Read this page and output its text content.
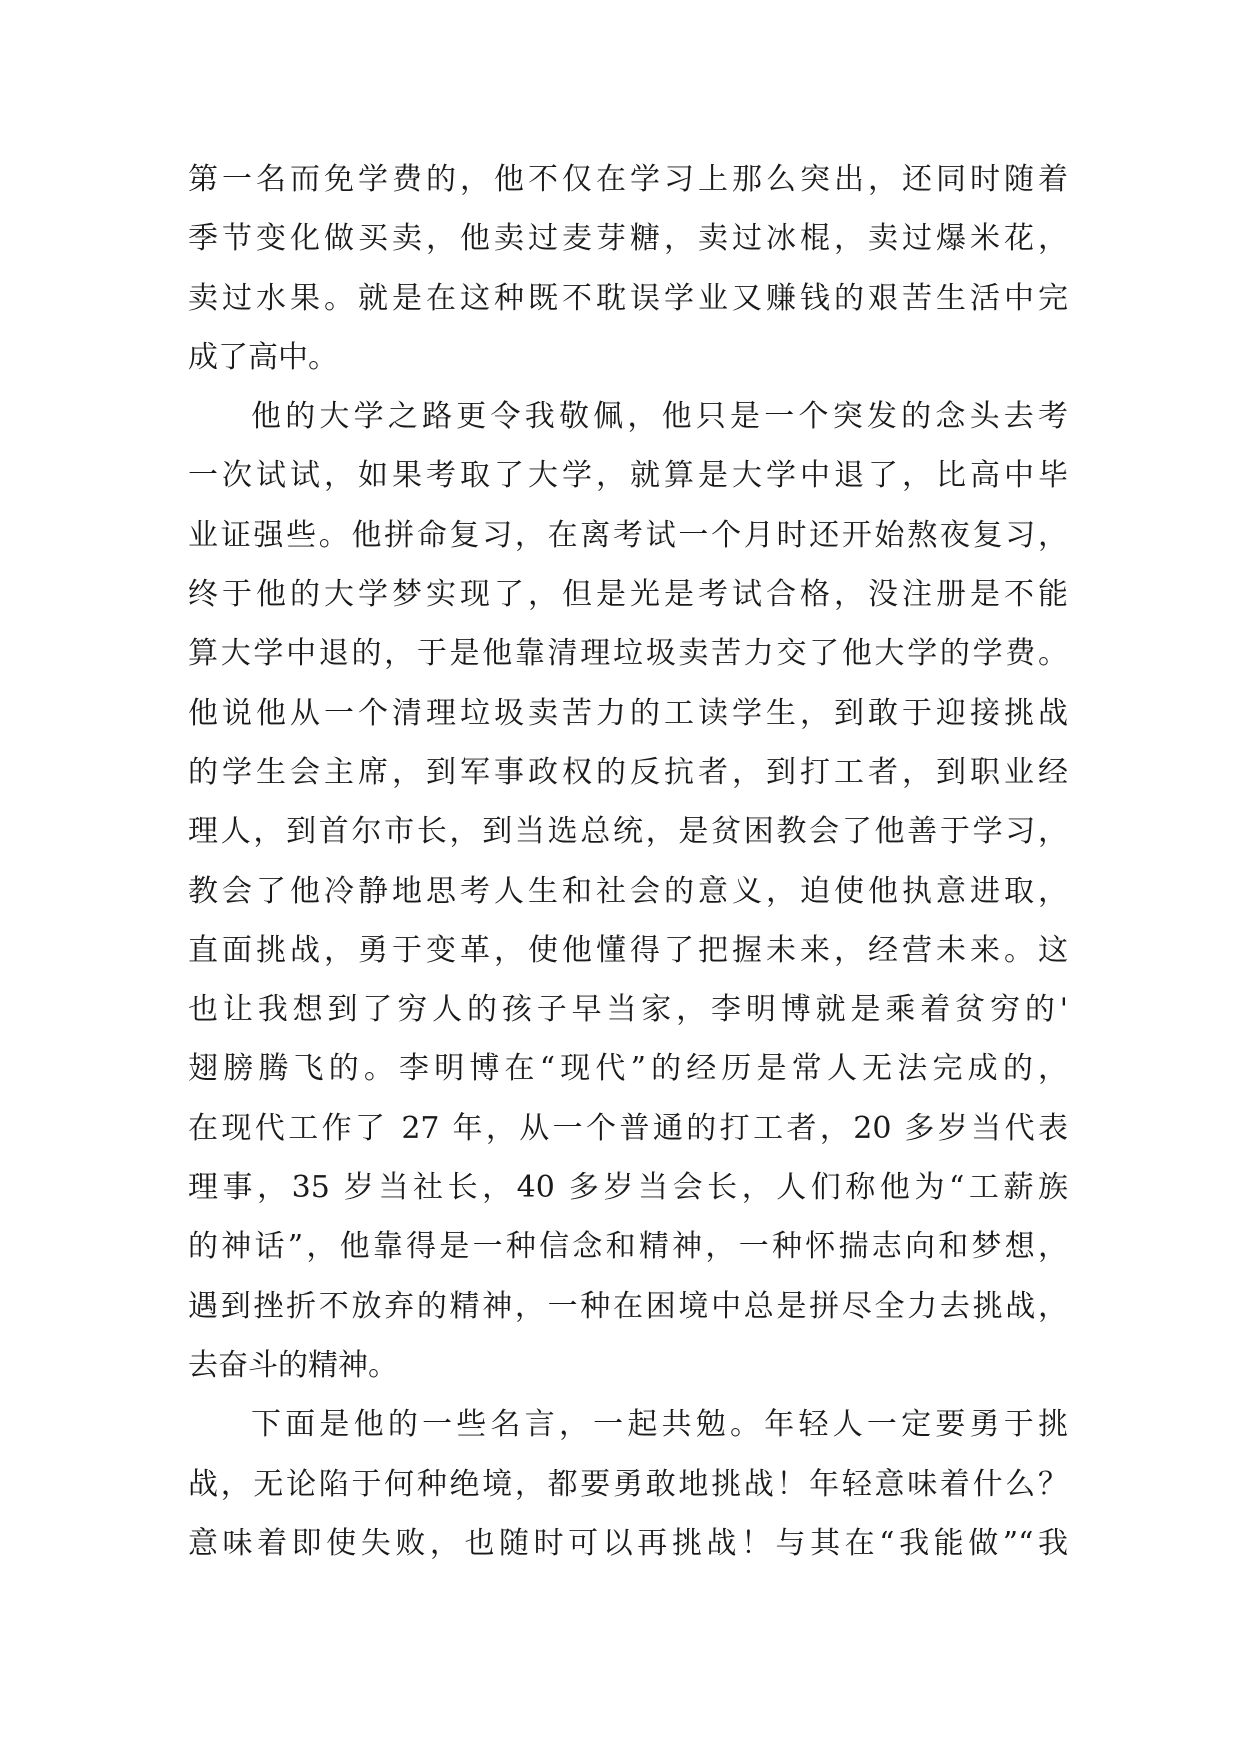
第一名而免学费的，他不仅在学习上那么突出，还同时随着
季节变化做买卖，他卖过麦芽糖，卖过冰棍，卖过爆米花，
卖过水果。就是在这种既不耽误学业又赚钱的艰苦生活中完
成了高中。
他的大学之路更令我敬佩，他只是一个突发的念头去考
一次试试，如果考取了大学，就算是大学中退了，比高中毕
业证强些。他拼命复习，在离考试一个月时还开始熬夜复习，
终于他的大学梦实现了，但是光是考试合格，没注册是不能
算大学中退的，于是他靠清理垃圾卖苦力交了他大学的学费。
他说他从一个清理垃圾卖苦力的工读学生，到敢于迎接挑战
的学生会主席，到军事政权的反抗者，到打工者，到职业经
理人，到首尔市长，到当选总统，是贫困教会了他善于学习，
教会了他冷静地思考人生和社会的意义，迫使他执意进取，
直面挑战，勇于变革，使他懂得了把握未来，经营未来。这
也让我想到了穷人的孩子早当家，李明博就是乘着贫穷的'
翅膀腾飞的。李明博在“现代”的经历是常人无法完成的，
在现代工作了 27 年，从一个普通的打工者，20 多岁当代表
理事，35 岁当社长，40 多岁当会长，人们称他为“工薪族
的神话”，他靠得是一种信念和精神，一种怀揣志向和梦想，
遇到挫折不放弃的精神，一种在困境中总是拼尽全力去挑战，
去奋斗的精神。
下面是他的一些名言，一起共勉。年轻人一定要勇于挑
战，无论陷于何种绝境，都要勇敢地挑战！年轻意味着什么？
意味着即使失败，也随时可以再挑战！与其在“我能做”“我
